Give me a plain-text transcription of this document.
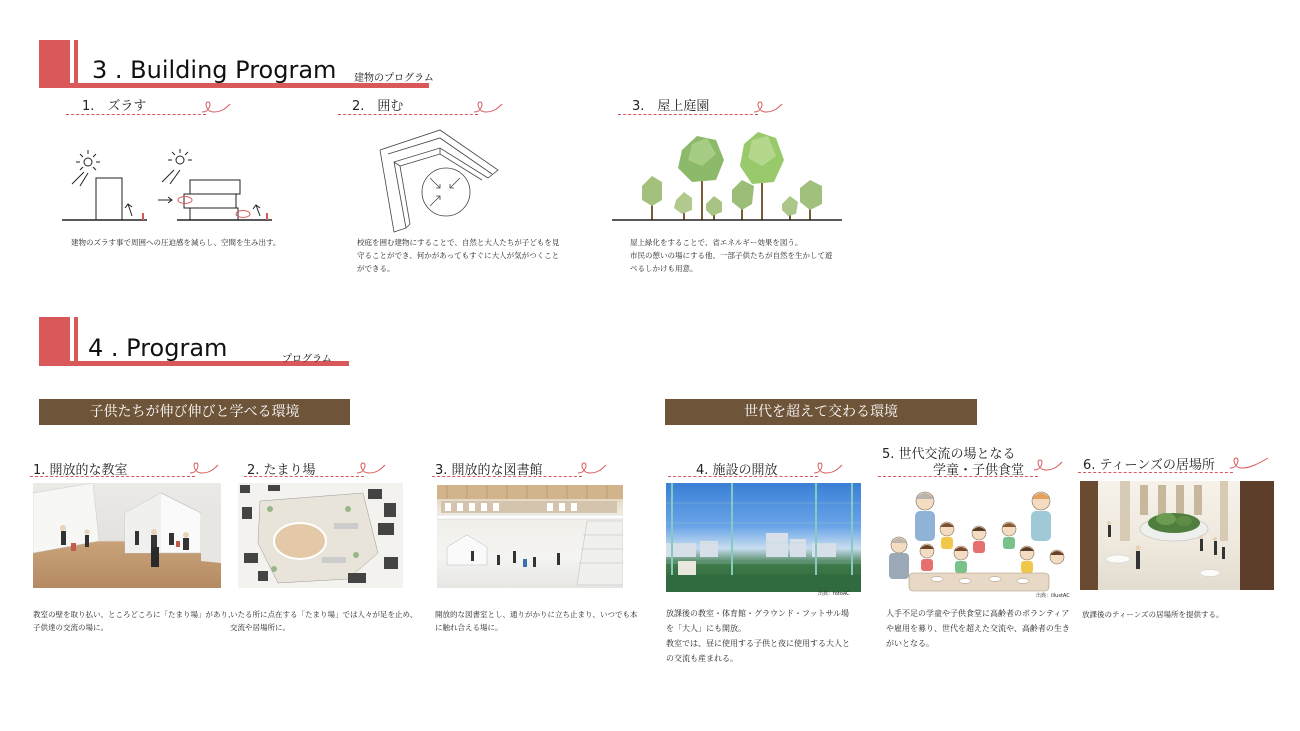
3 . Building Program 建物のプログラム
1.　ズラす	2.　囲む	3.　屋上庭園
建物のズラす事で周囲への圧迫感を減らし、空間を生み出す。	校庭を囲む建物にすることで、自然と大人たちが子どもを見
守ることができ、何かがあってもすぐに大人が気がつくこと
ができる。
屋上緑化をすることで、省エネルギー効果を図う。
市民の憩いの場にする他、一部子供たちが自然を生かして遊
べるしかけも用意。
4 . Program	プログラム
子供たちが伸び伸びと学べる環境	世代を超えて交わる環境
1. 開放的な教室	2. たまり場	3. 開放的な図書館	4. 施設の開放
5. 世代交流の場となる
学童・子供食堂	6. ティーンズの居場所
教室の壁を取り払い、ところどころに「たまり場」があり、
子供達の交流の場に。
いたる所に点在する「たまり場」では人々が足を止め、
交流や居場所に。
開放的な図書室とし、通りがかりに立ち止まり、いつでも本
に触れ合える場に。
出典：fotoAC
放課後の教室・体育館・グラウンド・フットサル場
を「大人」にも開放。
教室では、昼に使用する子供と夜に使用する大人と
の交流も産まれる。
出典：illustAC
人手不足の学童や子供食堂に高齢者のボランティア
や雇用を募り、世代を超えた交流や、高齢者の生き
がいとなる。
放課後のティーンズの居場所を提供する。
